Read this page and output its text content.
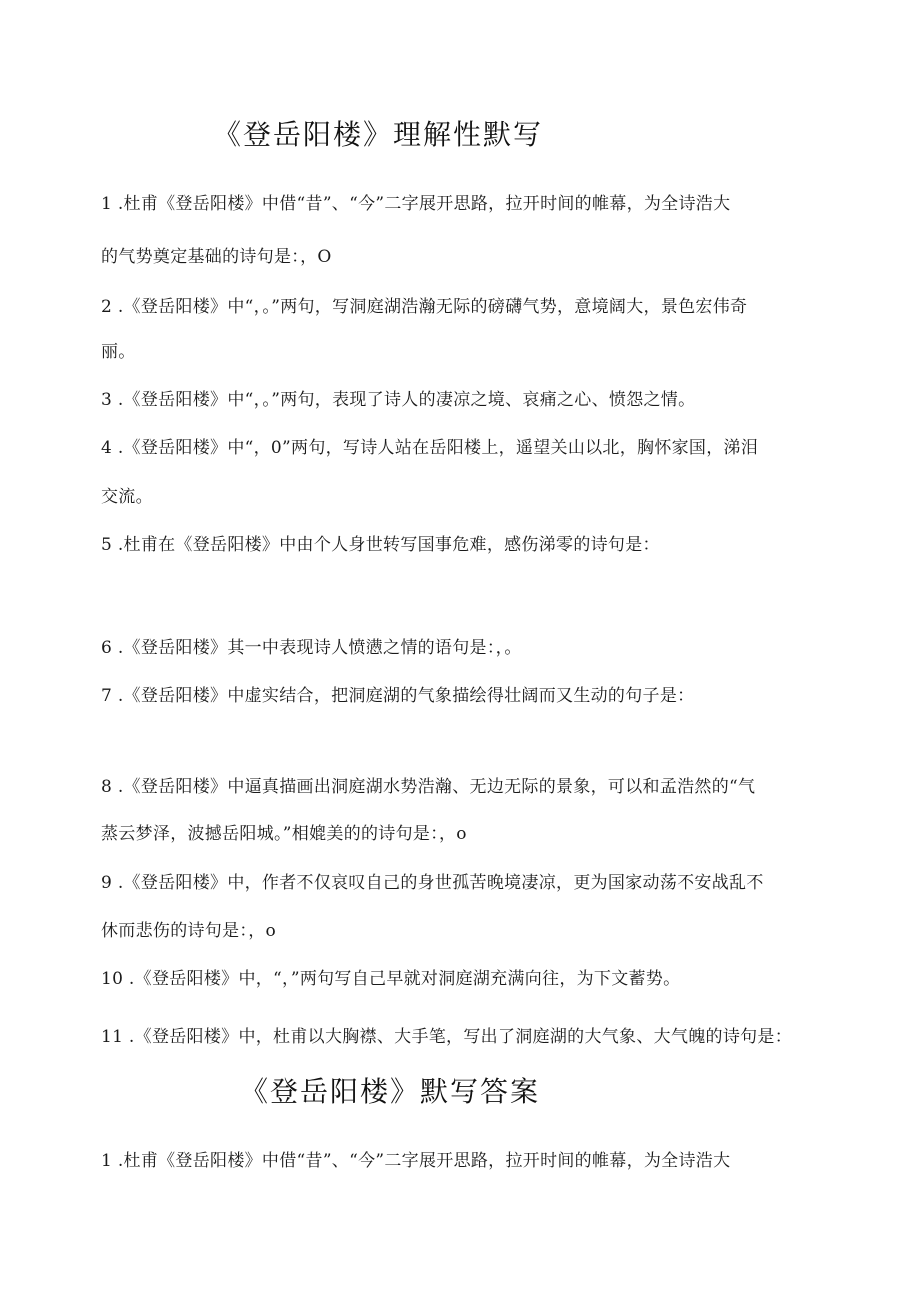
《登岳阳楼》理解性默写
1 .杜甫《登岳阳楼》中借“昔”、“今”二字展开思路，拉开时间的帷幕，为全诗浩大
的气势奠定基础的诗句是：，O
2 .《登岳阳楼》中“，。”两句，写洞庭湖浩瀚无际的磅礴气势，意境阔大，景色宏伟奇
丽。
3 .《登岳阳楼》中“，。”两句，表现了诗人的凄凉之境、哀痛之心、愤怨之情。
4 .《登岳阳楼》中“，0”两句，写诗人站在岳阳楼上，遥望关山以北，胸怀家国，涕泪
交流。
5 .杜甫在《登岳阳楼》中由个人身世转写国事危难，感伤涕零的诗句是：
6 .《登岳阳楼》其一中表现诗人愤懑之情的语句是：，。
7 .《登岳阳楼》中虚实结合，把洞庭湖的气象描绘得壮阔而又生动的句子是：
8 .《登岳阳楼》中逼真描画出洞庭湖水势浩瀚、无边无际的景象，可以和孟浩然的“气
蒸云梦泽，波撼岳阳城。”相媲美的的诗句是：，o
9 .《登岳阳楼》中，作者不仅哀叹自己的身世孤苦晚境凄凉，更为国家动荡不安战乱不
休而悲伤的诗句是：，o
10 .《登岳阳楼》中，“，”两句写自己早就对洞庭湖充满向往，为下文蓄势。
11 .《登岳阳楼》中，杜甫以大胸襟、大手笔，写出了洞庭湖的大气象、大气魄的诗句是：
《登岳阳楼》默写答案
1 .杜甫《登岳阳楼》中借“昔”、“今”二字展开思路，拉开时间的帷幕，为全诗浩大
